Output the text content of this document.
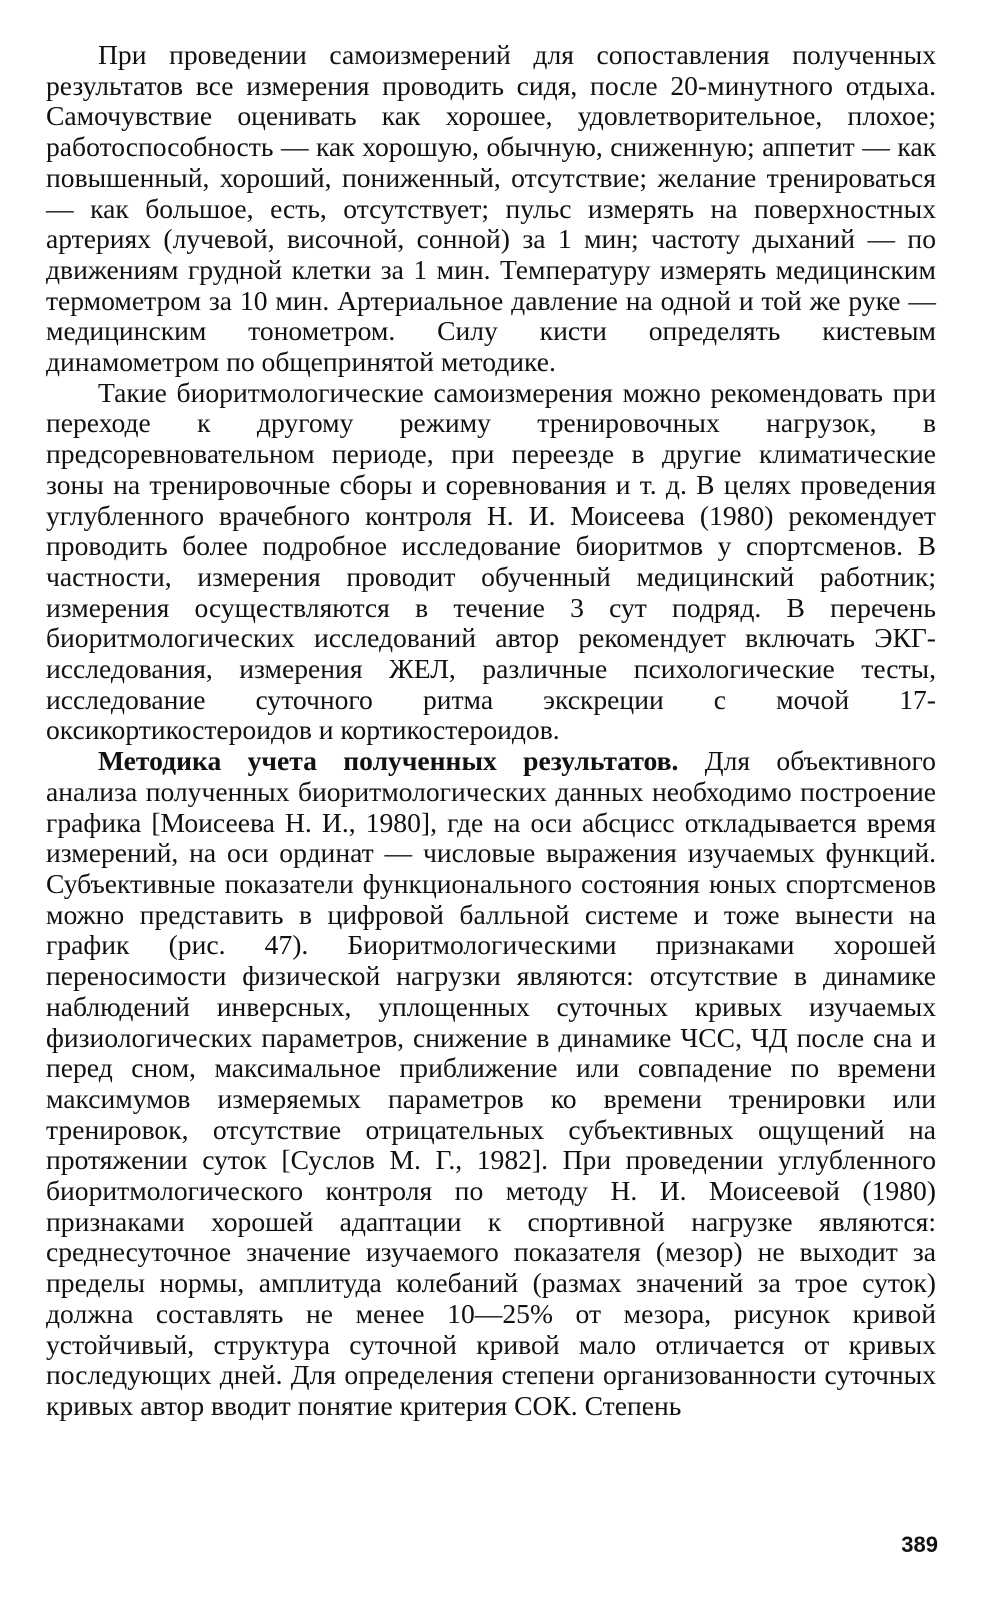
При проведении самоизмерений для сопоставления полученных результатов все измерения проводить сидя, после 20-минутного отдыха. Самочувствие оценивать как хорошее, удовлетворительное, плохое; работоспособность — как хорошую, обычную, сниженную; аппетит — как повышенный, хороший, пониженный, отсутствие; желание тренироваться — как большое, есть, отсутствует; пульс измерять на поверхностных артериях (лучевой, височной, сонной) за 1 мин; частоту дыханий — по движениям грудной клетки за 1 мин. Температуру измерять медицинским термометром за 10 мин. Артериальное давление на одной и той же руке — медицинским тонометром. Силу кисти определять кистевым динамометром по общепринятой методике.

Такие биоритмологические самоизмерения можно рекомендовать при переходе к другому режиму тренировочных нагрузок, в предсоревновательном периоде, при переезде в другие климатические зоны на тренировочные сборы и соревнования и т. д. В целях проведения углубленного врачебного контроля Н. И. Моисеева (1980) рекомендует проводить более подробное исследование биоритмов у спортсменов. В частности, измерения проводит обученный медицинский работник; измерения осуществляются в течение 3 сут подряд. В перечень биоритмологических исследований автор рекомендует включать ЭКГ-исследования, измерения ЖЕЛ, различные психологические тесты, исследование суточного ритма экскреции с мочой 17-оксикортикостероидов и кортикостероидов.

Методика учета полученных результатов. Для объективного анализа полученных биоритмологических данных необходимо построение графика [Моисеева Н. И., 1980], где на оси абсцисс откладывается время измерений, на оси ординат — числовые выражения изучаемых функций. Субъективные показатели функционального состояния юных спортсменов можно представить в цифровой балльной системе и тоже вынести на график (рис. 47). Биоритмологическими признаками хорошей переносимости физической нагрузки являются: отсутствие в динамике наблюдений инверсных, уплощенных суточных кривых изучаемых физиологических параметров, снижение в динамике ЧСС, ЧД после сна и перед сном, максимальное приближение или совпадение по времени максимумов измеряемых параметров ко времени тренировки или тренировок, отсутствие отрицательных субъективных ощущений на протяжении суток [Суслов М. Г., 1982]. При проведении углубленного биоритмологического контроля по методу Н. И. Моисеевой (1980) признаками хорошей адаптации к спортивной нагрузке являются: среднесуточное значение изучаемого показателя (мезор) не выходит за пределы нормы, амплитуда колебаний (размах значений за трое суток) должна составлять не менее 10—25% от мезора, рисунок кривой устойчивый, структура суточной кривой мало отличается от кривых последующих дней. Для определения степени организованности суточных кривых автор вводит понятие критерия СОК. Степень

389
